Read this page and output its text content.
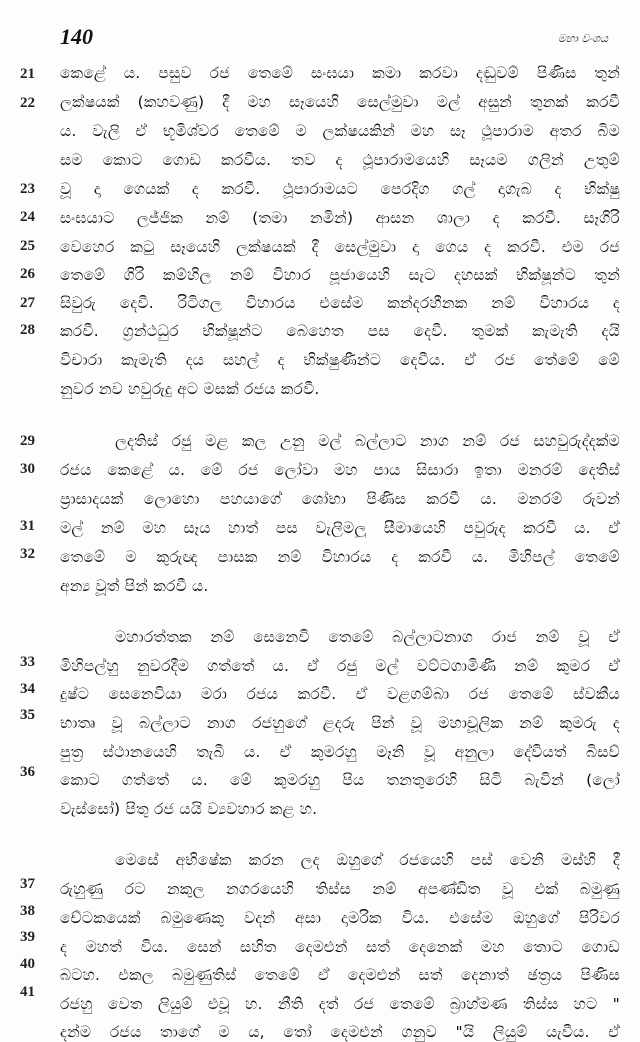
140	මහා වංශය
21
22
23
24
25
26
27
28
29
30
31
32
33
34
35
36
37
38
39
40
41
කෙළේ ය. පසුව රජ තෙමේ සංඝයා කමා කරවා දඬුවම් පිණිස තුන්
ලක්ෂයක් (කහවණු) දී මහ සෑයෙහි සෙල්මුවා මල් අසුන් තුනක් කරවී
ය. වැලි ඒ භූමිශ්වර තෙමේ ම ලක්ෂයකින් මහ සෑ ථූපාරාම අතර බිම
සම කොට ගොඩ කරවීය. තව ද ථූපාරාමයෙහි සෑයම ගලින් උතුම්
වූ දා ගෙයක් ද කරවී. ථූපාරාමයට පෙරදිග ගල් දාගැබ ද භික්ෂු
සංඝයාට ලජ්ජික නම් (තමා නමින්) ආසන ශාලා ද කරවී. සෑගිරි
වෙහෙර කටු සෑයෙහි ලක්ෂයක් දී සෙල්මුවා දා ගෙය ද කරවී. එම රජ
තෙමේ ගිරි කම්හිල නම් විහාර පූජායෙහි සැට දහසක් භික්ෂූන්ට තුන්
සිවුරු දෙවී. රිටිගල විහාරය එසේම කන්දරහීනක නම් විහාරය ද
කරවී. ග්‍රන්ථධුර භික්ෂූන්ට බෙහෙත පස දෙවී. තුමක් කැමැති දයි
විචාරා කැමැති දය සහල් ද භික්ෂුණීන්ට දෙවීය. ඒ රජ තේමේ මේ
නුවර නව හවුරුදු අට මසක් රජය කරවී.
ලදතිස් රජු මළ කල උනු මල් බල්ලාට නාග නම් රජ සහවුරුද්දක්ම
රජය කෙළේ ය. මේ රජ ලෝවා මහ පාය සිසාරා ඉතා මනරම් දෙතිස්
ප්‍රාසාදයක් ලොහො පහයාගේ ශෝභා පිණිස කරවී ය. මනරම් රුවන්
මල් නම් මහ සෑය හාත් පස වැලිමලු සීමායෙහි පවුරුද කරවී ය. ඒ
තෙමේ ම කුරුඥ පාසක නම් විහාරය ද කරවී ය. මිහිපල් තෙමේ
අන්‍ය වූත් පින් කරවී ය.
මහාරත්තක නම් සෙනෙවි තෙමේ බල්ලාටනාග රාජ නම් වූ ඒ
මිහිපල්හු නුවරදීම ගත්තේ ය. ඒ රජු මල් වට්ටගාමිණී නම් කුමර ඒ
දුෂ්ට සෙනෙවියා මරා රජය කරවී. ඒ වළගම්බා රජ තෙමේ ස්වකීය
භාතෘ වූ බල්ලාට නාග රජහුගේ ළදරු පින් වූ මහාචූලික නම් කුමරු ද
පුත්‍ර ස්ථානයෙහි තැබී ය. ඒ කුමරහු මෑනි වූ අනුලා දේවියත් බිසව්
කොට ගත්තේ ය. මේ කුමරහු පිය තනතුරෙහි සිටි බැවින් (ලෝ
වැස්සෝ) පිතු රජ යයි ව්‍යවහාර කළ හ.
මෙසේ අභිෂේක කරන ලද ඔහුගේ රජයෙහි පස් වෙනි මස්හි දී
රුහුණු රට නකුල නගරයෙහි තිස්ස නම් අපණ්ඩිත වූ එක් බමුණු
චේටකයෙක් බමුණෙකු වදන් අසා දාමරික විය. එසේම ඔහුගේ පිරිවර
ද මහත් විය. සෙන් සහිත දෙමළුන් සත් දෙනෙක් මහ තොට ගොඩ
බටහ. එකල බමුණුතිස් තෙමේ ඒ දෙමළුන් සත් දෙනාත් ඡත්‍රය පිණිස
රජහු වෙත ලියුම් එවූ හ. නීති දත් රජ තෙමේ බ්‍රාහ්මණ තිස්ස හට "
දන්ම රජය තාගේ ම ය, තෝ දෙමළුන් ගනුව "යි ලියුම් යැවීය. ඒ
